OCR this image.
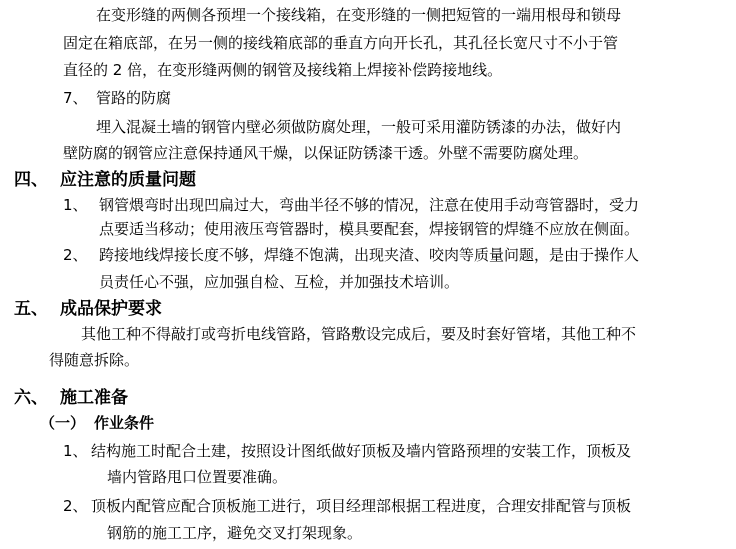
在变形缝的两侧各预埋一个接线箱，在变形缝的一侧把短管的一端用根母和锁母
固定在箱底部，在另一侧的接线箱底部的垂直方向开长孔，其孔径长宽尺寸不小于管
直径的 2 倍，在变形缝两侧的钢管及接线箱上焊接补偿跨接地线。
7、 管路的防腐
埋入混凝土墙的钢管内壁必须做防腐处理，一般可采用灌防锈漆的办法，做好内
壁防腐的钢管应注意保持通风干燥，以保证防锈漆干透。外壁不需要防腐处理。
四、 应注意的质量问题
1、 钢管煨弯时出现凹扁过大，弯曲半径不够的情况，注意在使用手动弯管器时，受力
点要适当移动；使用液压弯管器时，模具要配套，焊接钢管的焊缝不应放在侧面。
2、 跨接地线焊接长度不够，焊缝不饱满，出现夹渣、咬肉等质量问题，是由于操作人
员责任心不强，应加强自检、互检，并加强技术培训。
五、 成品保护要求
其他工种不得敲打或弯折电线管路，管路敷设完成后，要及时套好管堵，其他工种不
得随意拆除。
六、 施工准备
（一） 作业条件
1、 结构施工时配合土建，按照设计图纸做好顶板及墙内管路预埋的安装工作，顶板及
墙内管路甩口位置要准确。
2、 顶板内配管应配合顶板施工进行，项目经理部根据工程进度，合理安排配管与顶板
钢筋的施工工序，避免交叉打架现象。
